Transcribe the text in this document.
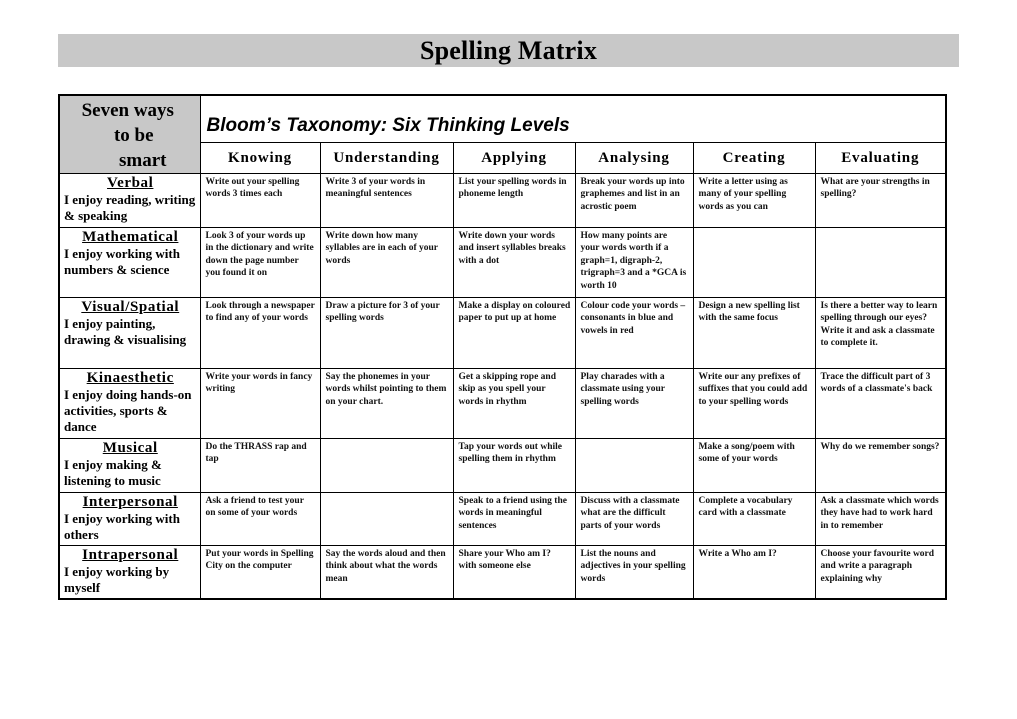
Spelling Matrix
Seven ways
to be
smart	Bloom’s Taxonomy: Six Thinking Levels					
	Knowing	Understanding	Applying	Analysing	Creating	Evaluating

Verbal
I enjoy reading, writing & speaking	Write out your spelling words 3 times each	Write 3 of your words in meaningful sentences	List your spelling words in phoneme length	Break your words up into graphemes and list in an acrostic poem	Write a letter using as many of your spelling words as you can	What are your strengths in spelling?

Mathematical
I enjoy working with numbers & science	Look 3 of your words up in the dictionary and write down the page number you found it on	Write down how many syllables are in each of your words	Write down your words and insert syllables breaks with a dot	How many points are your words worth if a graph=1, digraph-2, trigraph=3 and a *GCA is worth 10		

Visual/Spatial
I enjoy painting, drawing & visualising	Look through a newspaper to find any of your words	Draw a picture for 3 of your spelling words	Make a display on coloured paper to put up at home	Colour code your words – consonants in blue and vowels in red	Design a new spelling list with the same focus	Is there a better way to learn spelling through our eyes? Write it and ask a classmate to complete it.

Kinaesthetic
I enjoy doing hands-on activities, sports & dance	Write your words in fancy writing	Say the phonemes in your words whilst pointing to them on your chart.	Get a skipping rope and skip as you spell your words in rhythm	Play charades with a classmate using your spelling words	Write our any prefixes of suffixes that you could add to your spelling words	Trace the difficult part of 3 words of a classmate's back

Musical
I enjoy making & listening to music	Do the THRASS rap and tap		Tap your words out while spelling them in rhythm		Make a song/poem with some of your words	Why do we remember songs?

Interpersonal
I enjoy working with others	Ask a friend to test your on some of your words		Speak to a friend using the words in meaningful sentences	Discuss with a classmate what are the difficult parts of your words	Complete a vocabulary card with a classmate	Ask a classmate which words they have had to work hard in to remember

Intrapersonal
I enjoy working by myself	Put your words in Spelling City on the computer	Say the words aloud and then think about what the words mean	Share your Who am I? with someone else	List the nouns and adjectives in your spelling words	Write a Who am I?	Choose your favourite word and write a paragraph explaining why
